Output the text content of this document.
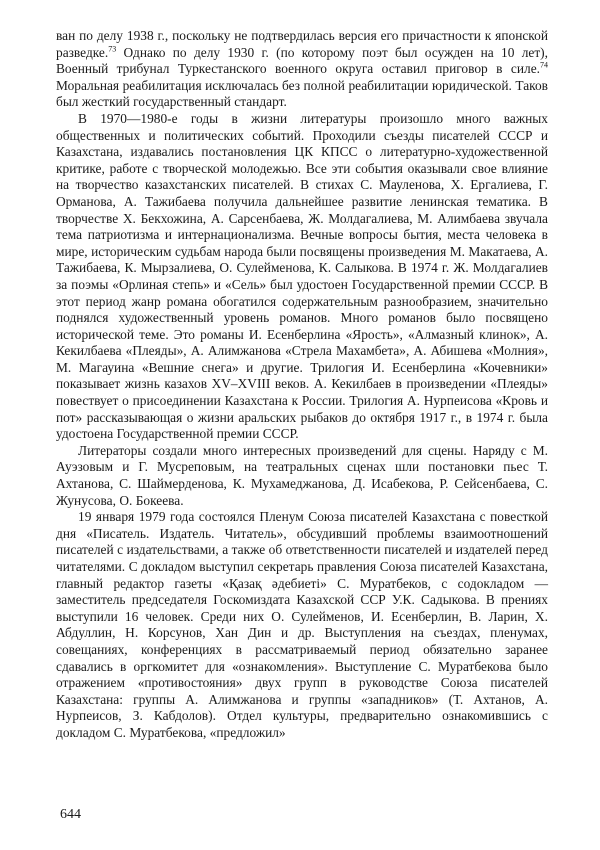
ван по делу 1938 г., поскольку не подтвердилась версия его причастности к японской разведке.$^{73}$ Однако по делу 1930 г. (по которому поэт был осужден на 10 лет), Военный трибунал Туркестанского военного округа оставил приговор в силе.$^{74}$ Моральная реабилитация исключалась без полной реабилитации юридической. Таков был жесткий государственный стандарт.

В 1970—1980-е годы в жизни литературы произошло много важных общественных и политических событий. Проходили съезды писателей СССР и Казахстана, издавались постановления ЦК КПСС о литературно-художественной критике, работе с творческой молодежью. Все эти события оказывали свое влияние на творчество казахстанских писателей. В стихах С. Мауленова, Х. Ергалиева, Г. Орманова, А. Тажибаева получила дальнейшее развитие ленинская тематика. В творчестве Х. Бекхожина, А. Сарсенбаева, Ж. Молдагалиева, М. Алимбаева звучала тема патриотизма и интернационализма. Вечные вопросы бытия, места человека в мире, историческим судьбам народа были посвящены произведения М. Макатаева, А. Тажибаева, К. Мырзалиева, О. Сулейменова, К. Салыкова. В 1974 г. Ж. Молдагалиев за поэмы «Орлиная степь» и «Сель» был удостоен Государственной премии СССР. В этот период жанр романа обогатился содержательным разнообразием, значительно поднялся художественный уровень романов. Много романов было посвящено исторической теме. Это романы И. Есенберлина «Ярость», «Алмазный клинок», А. Кекилбаева «Плеяды», А. Алимжанова «Стрела Махамбета», А. Абишева «Молния», М. Магауина «Вешние снега» и другие. Трилогия И. Есенберлина «Кочевники» показывает жизнь казахов XV–XVIII веков. А. Кекилбаев в произведении «Плеяды» повествует о присоединении Казахстана к России. Трилогия А. Нурпеисова «Кровь и пот» рассказывающая о жизни аральских рыбаков до октября 1917 г., в 1974 г. была удостоена Государственной премии СССР.

Литераторы создали много интересных произведений для сцены. Наряду с М. Ауэзовым и Г. Мусреповым, на театральных сценах шли постановки пьес Т. Ахтанова, С. Шаймерденова, К. Мухамеджанова, Д. Исабекова, Р. Сейсенбаева, С. Жунусова, О. Бокеева.

19 января 1979 года состоялся Пленум Союза писателей Казахстана с повесткой дня «Писатель. Издатель. Читатель», обсудивший проблемы взаимоотношений писателей с издательствами, а также об ответственности писателей и издателей перед читателями. С докладом выступил секретарь правления Союза писателей Казахстана, главный редактор газеты «Қазақ әдебиеті» С. Муратбеков, с содокладом — заместитель председателя Госкомиздата Казахской ССР У.К. Садыкова. В прениях выступили 16 человек. Среди них О. Сулейменов, И. Есенберлин, В. Ларин, Х. Абдуллин, Н. Корсунов, Хан Дин и др. Выступления на съездах, пленумах, совещаниях, конференциях в рассматриваемый период обязательно заранее сдавались в оргкомитет для «ознакомления». Выступление С. Муратбекова было отражением «противостояния» двух групп в руководстве Союза писателей Казахстана: группы А. Алимжанова и группы «западников» (Т. Ахтанов, А. Нурпеисов, З. Кабдолов). Отдел культуры, предварительно ознакомившись с докладом С. Муратбекова, «предложил»

644
